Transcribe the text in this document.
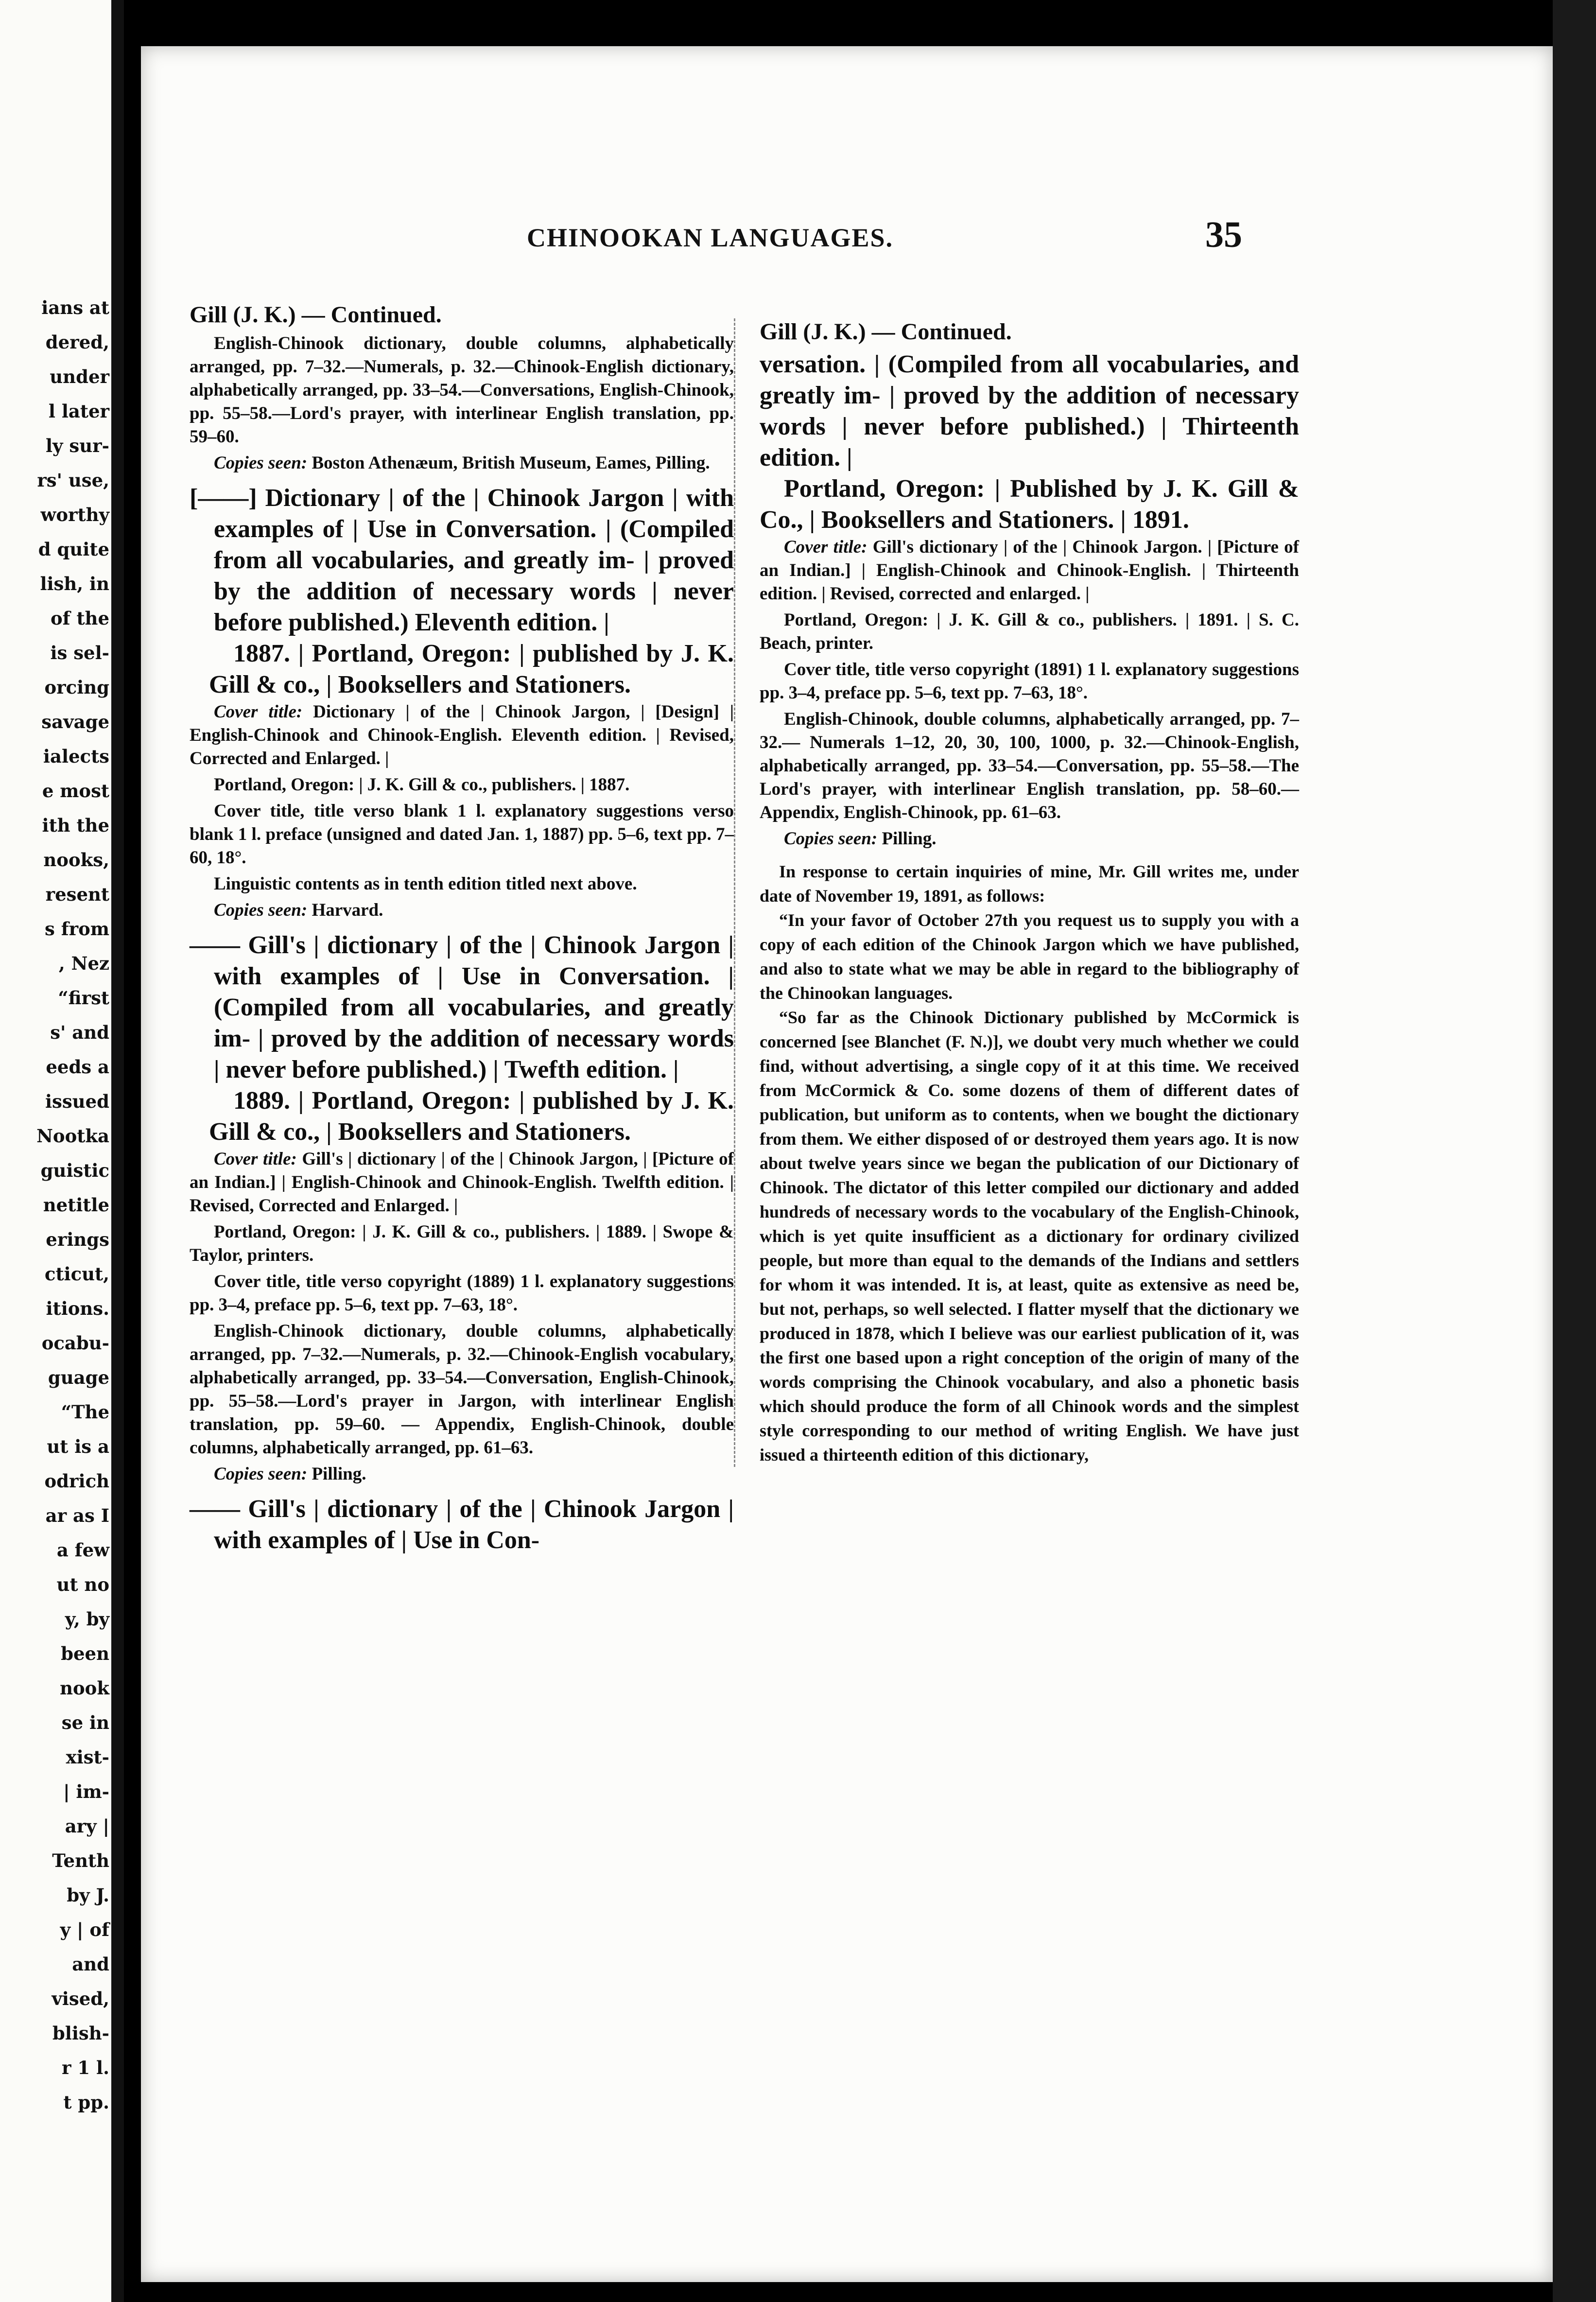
ians at
dered,
under
l later
ly sur-
rs' use,
worthy
d quite
lish, in
of the
is sel-
orcing
savage
ialects
e most
ith the
nooks,
resent
s from
, Nez
“first
s' and
eeds a
issued
Nootka
guistic
netitle
erings
cticut,
itions.
ocabu-
guage
“The
ut is a
odrich
ar as I
a few
ut no
y, by
been
nook
se in
xist-
| im-
ary |
Tenth
by J.
y | of
and
vised,
blish-
r 1 l.
t pp.
CHINOOKAN LANGUAGES.	35
Gill (J. K.) — Continued.

English-Chinook dictionary, double columns, alphabetically arranged, pp. 7–32.—Numerals, p. 32.—Chinook-English dictionary, alphabetically arranged, pp. 33–54.—Conversations, English-Chinook, pp. 55–58.—Lord's prayer, with interlinear English translation, pp. 59–60.

Copies seen: Boston Athenæum, British Museum, Eames, Pilling.

[——] Dictionary | of the | Chinook Jargon | with examples of | Use in Conversation. | (Compiled from all vocabularies, and greatly im- | proved by the addition of necessary words | never before published.) Eleventh edition. |

1887. | Portland, Oregon: | published by J. K. Gill & co., | Booksellers and Stationers.

Cover title: Dictionary | of the | Chinook Jargon, | [Design] | English-Chinook and Chinook-English. Eleventh edition. | Revised, Corrected and Enlarged. |

Portland, Oregon: | J. K. Gill & co., publishers. | 1887.

Cover title, title verso blank 1 l. explanatory suggestions verso blank 1 l. preface (unsigned and dated Jan. 1, 1887) pp. 5–6, text pp. 7–60, 18°.

Linguistic contents as in tenth edition titled next above.

Copies seen: Harvard.

—— Gill's | dictionary | of the | Chinook Jargon | with examples of | Use in Conversation. | (Compiled from all vocabularies, and greatly im- | proved by the addition of necessary words | never before published.) | Twefth edition. |

1889. | Portland, Oregon: | published by J. K. Gill & co., | Booksellers and Stationers.

Cover title: Gill's | dictionary | of the | Chinook Jargon, | [Picture of an Indian.] | English-Chinook and Chinook-English. Twelfth edition. | Revised, Corrected and Enlarged. |

Portland, Oregon: | J. K. Gill & co., publishers. | 1889. | Swope & Taylor, printers.

Cover title, title verso copyright (1889) 1 l. explanatory suggestions pp. 3–4, preface pp. 5–6, text pp. 7–63, 18°.

English-Chinook dictionary, double columns, alphabetically arranged, pp. 7–32.—Numerals, p. 32.—Chinook-English vocabulary, alphabetically arranged, pp. 33–54.—Conversation, English-Chinook, pp. 55–58.—Lord's prayer in Jargon, with interlinear English translation, pp. 59–60. — Appendix, English-Chinook, double columns, alphabetically arranged, pp. 61–63.

Copies seen: Pilling.

—— Gill's | dictionary | of the | Chinook Jargon | with examples of | Use in Con-

Gill (J. K.) — Continued.

versation. | (Compiled from all vocabularies, and greatly im- | proved by the addition of necessary words | never before published.) | Thirteenth edition. |

Portland, Oregon: | Published by J. K. Gill & Co., | Booksellers and Stationers. | 1891.

Cover title: Gill's dictionary | of the | Chinook Jargon. | [Picture of an Indian.] | English-Chinook and Chinook-English. | Thirteenth edition. | Revised, corrected and enlarged. |

Portland, Oregon: | J. K. Gill & co., publishers. | 1891. | S. C. Beach, printer.

Cover title, title verso copyright (1891) 1 l. explanatory suggestions pp. 3–4, preface pp. 5–6, text pp. 7–63, 18°.

English-Chinook, double columns, alphabetically arranged, pp. 7–32.— Numerals 1–12, 20, 30, 100, 1000, p. 32.—Chinook-English, alphabetically arranged, pp. 33–54.—Conversation, pp. 55–58.—The Lord's prayer, with interlinear English translation, pp. 58–60.— Appendix, English-Chinook, pp. 61–63.

Copies seen: Pilling.

In response to certain inquiries of mine, Mr. Gill writes me, under date of November 19, 1891, as follows:

“In your favor of October 27th you request us to supply you with a copy of each edition of the Chinook Jargon which we have published, and also to state what we may be able in regard to the bibliography of the Chinookan languages.

“So far as the Chinook Dictionary published by McCormick is concerned [see Blanchet (F. N.)], we doubt very much whether we could find, without advertising, a single copy of it at this time. We received from McCormick & Co. some dozens of them of different dates of publication, but uniform as to contents, when we bought the dictionary from them. We either disposed of or destroyed them years ago. It is now about twelve years since we began the publication of our Dictionary of Chinook. The dictator of this letter compiled our dictionary and added hundreds of necessary words to the vocabulary of the English-Chinook, which is yet quite insufficient as a dictionary for ordinary civilized people, but more than equal to the demands of the Indians and settlers for whom it was intended. It is, at least, quite as extensive as need be, but not, perhaps, so well selected. I flatter myself that the dictionary we produced in 1878, which I believe was our earliest publication of it, was the first one based upon a right conception of the origin of many of the words comprising the Chinook vocabulary, and also a phonetic basis which should produce the form of all Chinook words and the simplest style corresponding to our method of writing English. We have just issued a thirteenth edition of this dictionary,
